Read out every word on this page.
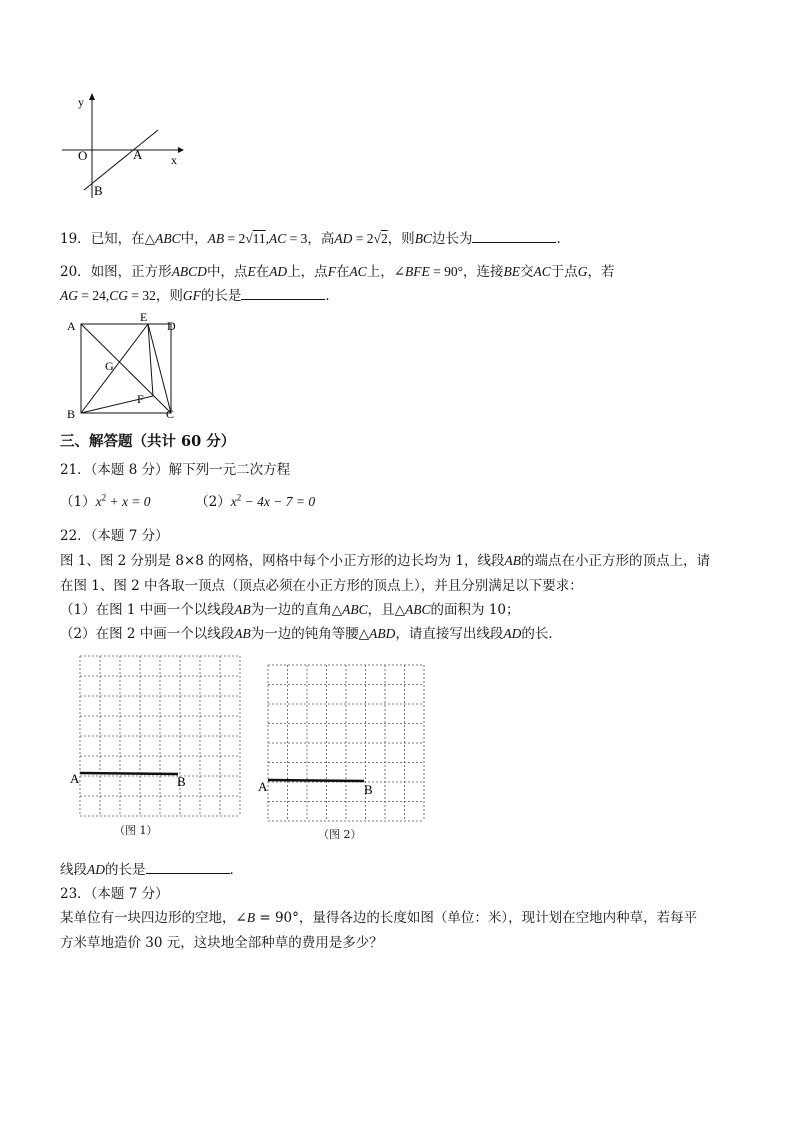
y
x
O	A
B
19．已知，在△ABC中，AB = 2√11,AC = 3，高AD = 2√2，则BC边长为	．
20．如图，正方形ABCD中，点E在AD上，点F在AC上，∠BFE = 90°，连接BE交AC于点G，若
AG = 24,CG = 32，则GF的长是	．
A
B	C
D
E
F
G
三、解答题（共计 60 分）
21．（本题 8 分）解下列一元二次方程
$(1)x^2 + x = 0$	$(2)x^2 - 4x - 7 = 0$
22．（本题 7 分）
图 1、图 2 分别是 8×8 的网格，网格中每个小正方形的边长均为 1，线段AB的端点在小正方形的顶点上，请
在图 1、图 2 中各取一顶点（顶点必须在小正方形的顶点上），并且分别满足以下要求：
（1）在图 1 中画一个以线段AB为一边的直角△ABC，且△ABC的面积为 10；
（2）在图 2 中画一个以线段AB为一边的钝角等腰△ABD，请直接写出线段AD的长．
A	B
（图 1）
A	B
（图 2）
线段AD的长是	．
23．（本题 7 分）
某单位有一块四边形的空地，∠B = 90°，量得各边的长度如图（单位：米），现计划在空地内种草，若每平
方米草地造价 30 元，这块地全部种草的费用是多少？
